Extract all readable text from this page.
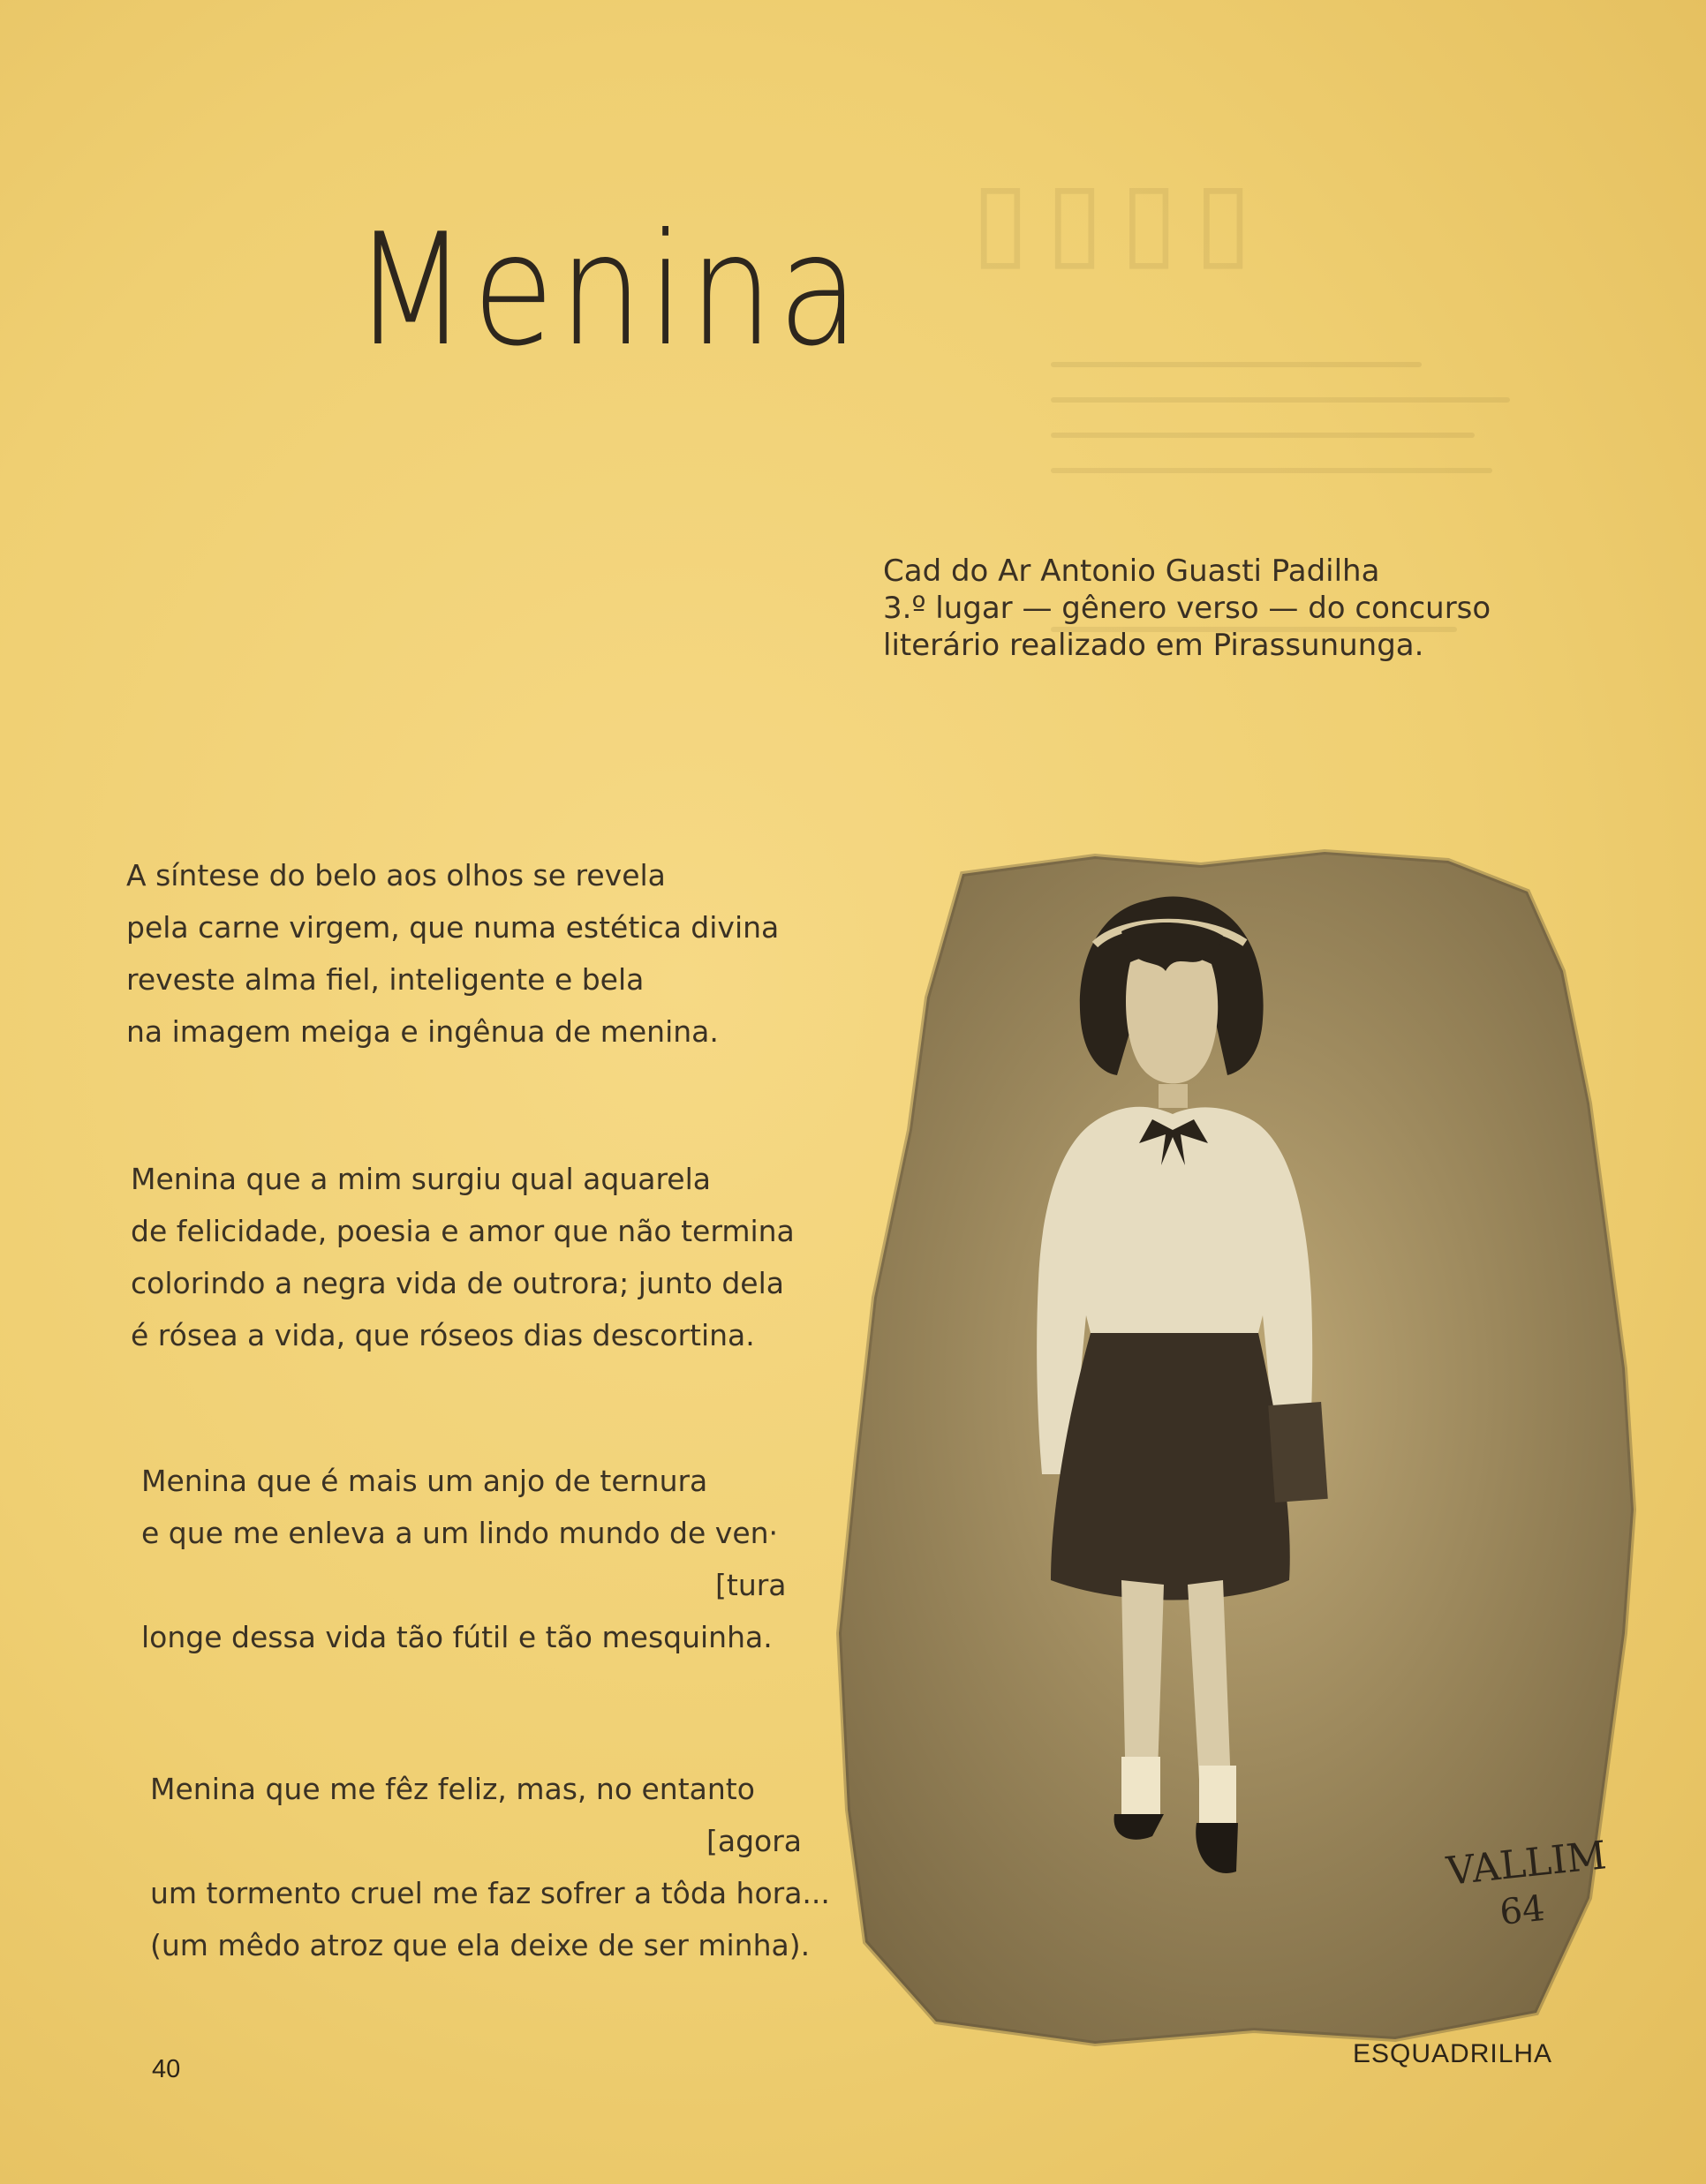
▯▯▯▯
Menina
Cad do Ar Antonio Guasti Padilha
3.º lugar — gênero verso — do concurso
literário realizado em Pirassununga.
A síntese do belo aos olhos se revela
pela carne virgem, que numa estética divina
reveste alma fiel, inteligente e bela
na imagem meiga e ingênua de menina.
Menina que a mim surgiu qual aquarela
de felicidade, poesia e amor que não termina
colorindo a negra vida de outrora; junto dela
é rósea a vida, que róseos dias descortina.
Menina que é mais um anjo de ternura
e que me enleva a um lindo mundo de ven·
[tura
longe dessa vida tão fútil e tão mesquinha.
Menina que me fêz feliz, mas, no entanto
[agora
um tormento cruel me faz sofrer a tôda hora...
(um mêdo atroz que ela deixe de ser minha).
VALLIM
64
40
ESQUADRILHA
